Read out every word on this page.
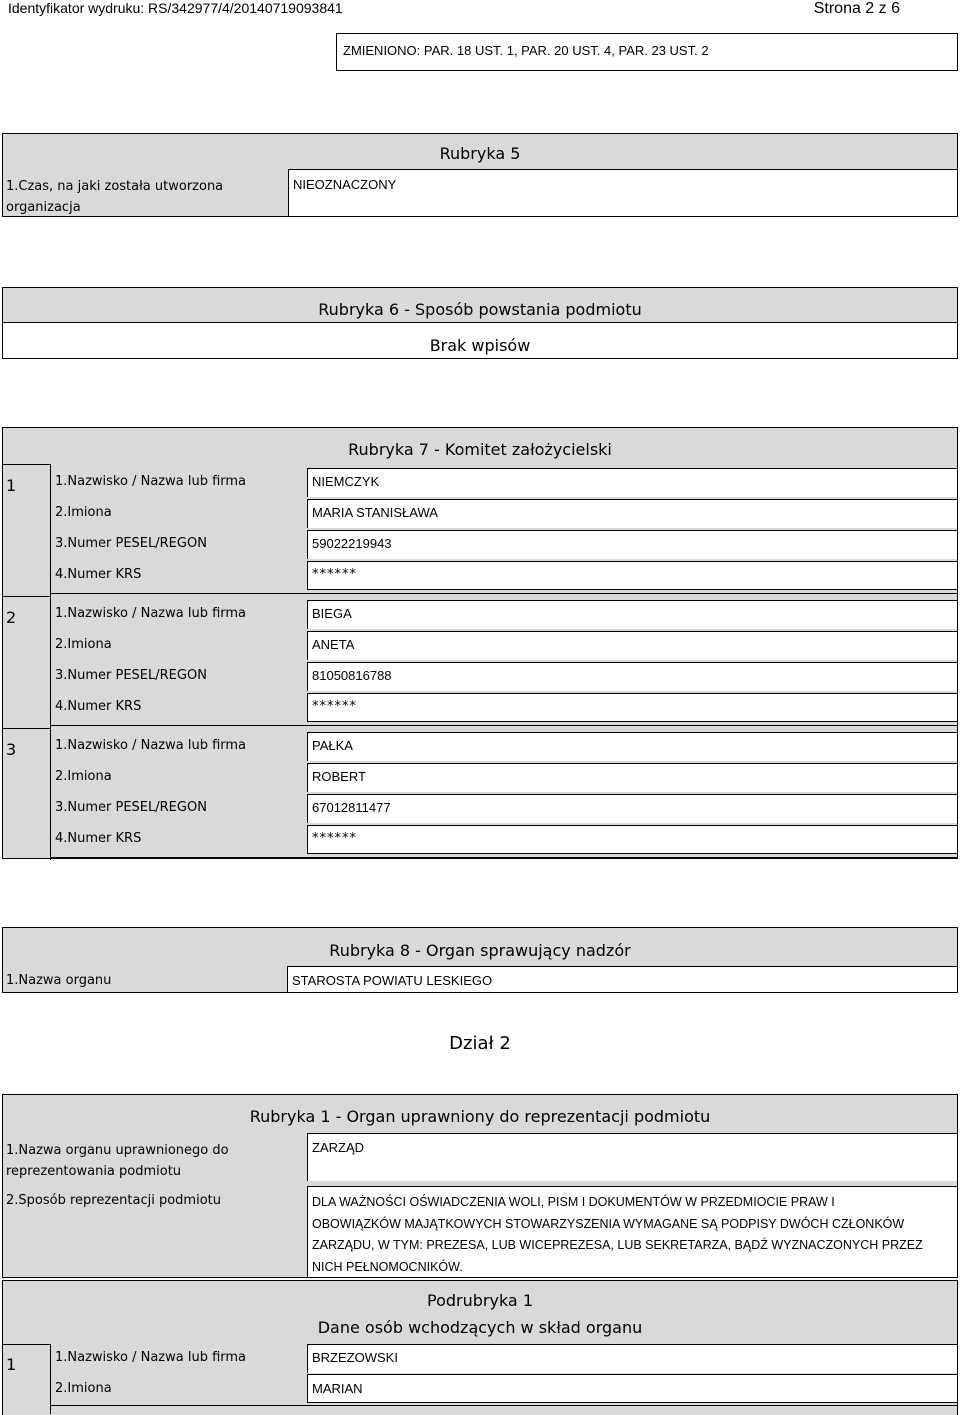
Identyfikator wydruku: RS/342977/4/20140719093841	Strona 2 z 6
ZMIENIONO: PAR. 18 UST. 1, PAR. 20 UST. 4, PAR. 23 UST. 2
Rubryka 5
1.Czas, na jaki została utworzona
organizacja
NIEOZNACZONY
Rubryka 6 - Sposób powstania podmiotu
Brak wpisów
Rubryka 7 - Komitet założycielski
1	1.Nazwisko / Nazwa lub firma	NIEMCZYK
2.Imiona	MARIA STANISŁAWA
3.Numer PESEL/REGON	59022219943
4.Numer KRS	******
2	1.Nazwisko / Nazwa lub firma	BIEGA
2.Imiona	ANETA
3.Numer PESEL/REGON	81050816788
4.Numer KRS	******
3	1.Nazwisko / Nazwa lub firma	PAŁKA
2.Imiona	ROBERT
3.Numer PESEL/REGON	67012811477
4.Numer KRS	******
Rubryka 8 - Organ sprawujący nadzór
1.Nazwa organu	STAROSTA POWIATU LESKIEGO
Dział 2
Rubryka 1 - Organ uprawniony do reprezentacji podmiotu
1.Nazwa organu uprawnionego do
reprezentowania podmiotu
ZARZĄD
2.Sposób reprezentacji podmiotu	DLA WAŻNOŚCI OŚWIADCZENIA WOLI, PISM I DOKUMENTÓW W PRZEDMIOCIE PRAW I
OBOWIĄZKÓW MAJĄTKOWYCH STOWARZYSZENIA WYMAGANE SĄ PODPISY DWÓCH CZŁONKÓW
ZARZĄDU, W TYM: PREZESA, LUB WICEPREZESA, LUB SEKRETARZA, BĄDŹ WYZNACZONYCH PRZEZ
NICH PEŁNOMOCNIKÓW.
Podrubryka 1
Dane osób wchodzących w skład organu
1	1.Nazwisko / Nazwa lub firma	BRZEZOWSKI
2.Imiona	MARIAN
